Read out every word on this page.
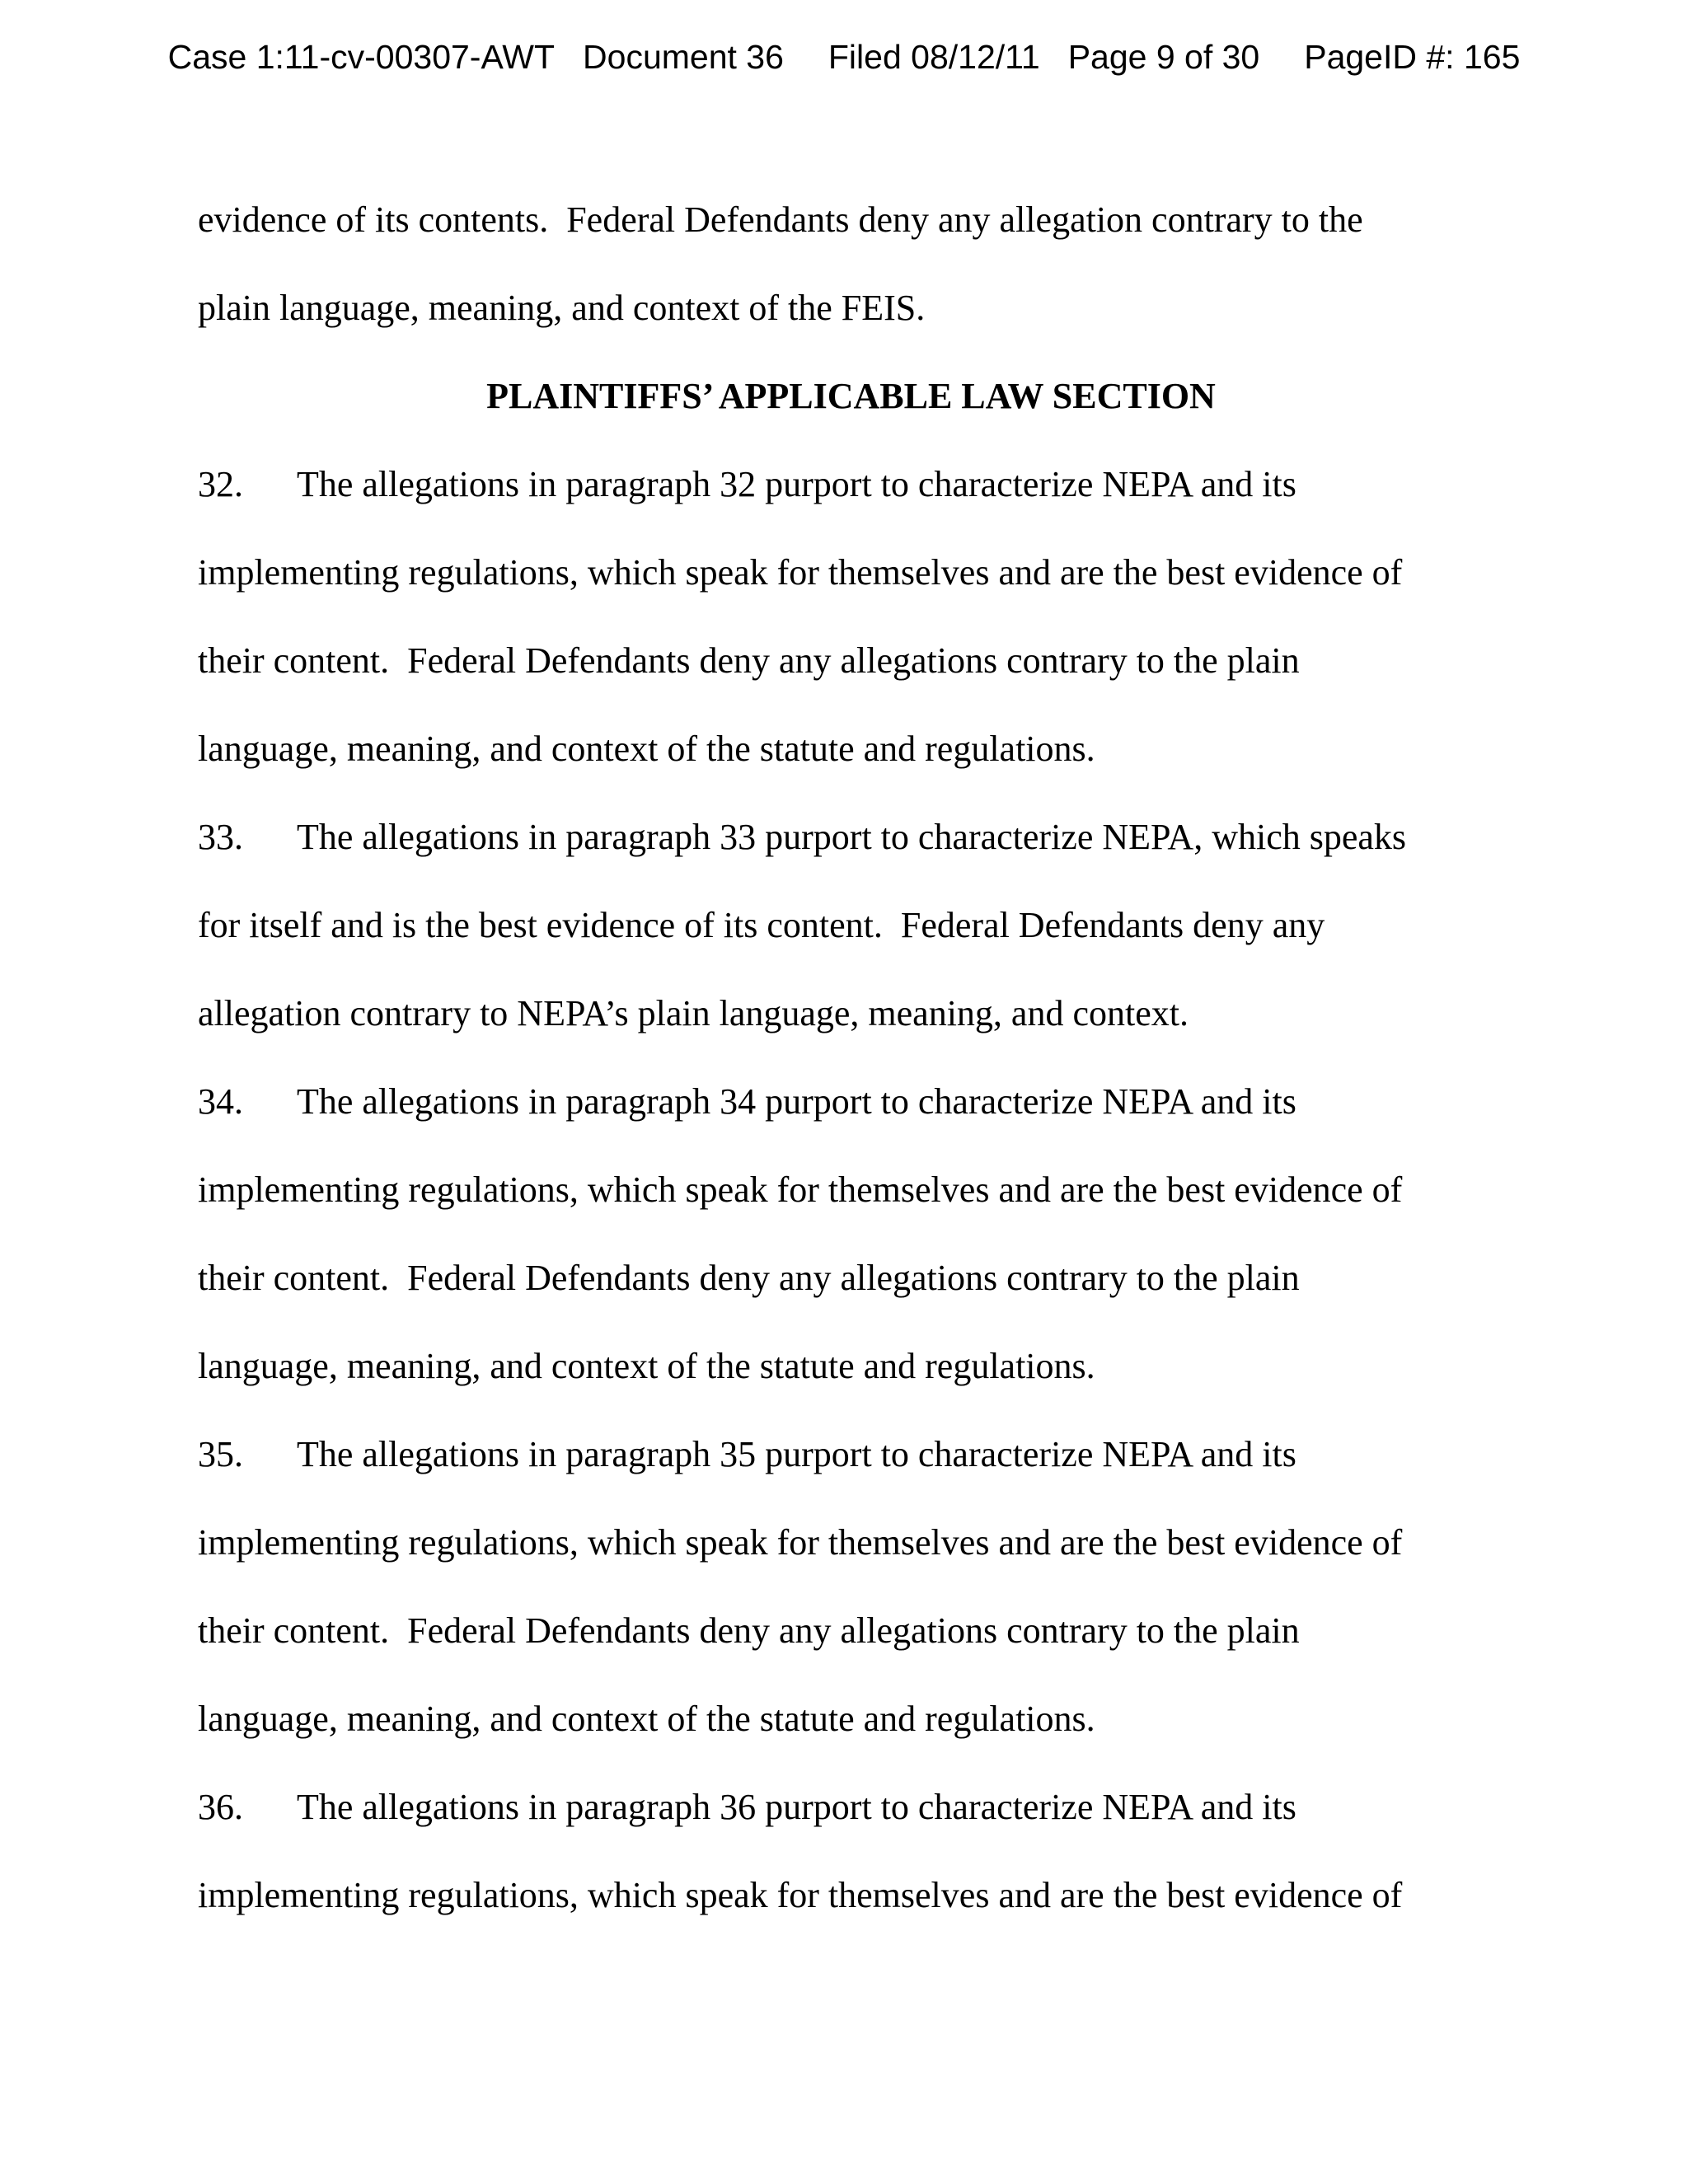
Case 1:11-cv-00307-AWT Document 36 Filed 08/12/11 Page 9 of 30 PageID #: 165
evidence of its contents.  Federal Defendants deny any allegation contrary to the
plain language, meaning, and context of the FEIS.
PLAINTIFFS’ APPLICABLE LAW SECTION
32. The allegations in paragraph 32 purport to characterize NEPA and its
implementing regulations, which speak for themselves and are the best evidence of
their content.  Federal Defendants deny any allegations contrary to the plain
language, meaning, and context of the statute and regulations.
33. The allegations in paragraph 33 purport to characterize NEPA, which speaks
for itself and is the best evidence of its content.  Federal Defendants deny any
allegation contrary to NEPA’s plain language, meaning, and context.
34. The allegations in paragraph 34 purport to characterize NEPA and its
implementing regulations, which speak for themselves and are the best evidence of
their content.  Federal Defendants deny any allegations contrary to the plain
language, meaning, and context of the statute and regulations.
35. The allegations in paragraph 35 purport to characterize NEPA and its
implementing regulations, which speak for themselves and are the best evidence of
their content.  Federal Defendants deny any allegations contrary to the plain
language, meaning, and context of the statute and regulations.
36. The allegations in paragraph 36 purport to characterize NEPA and its
implementing regulations, which speak for themselves and are the best evidence of
